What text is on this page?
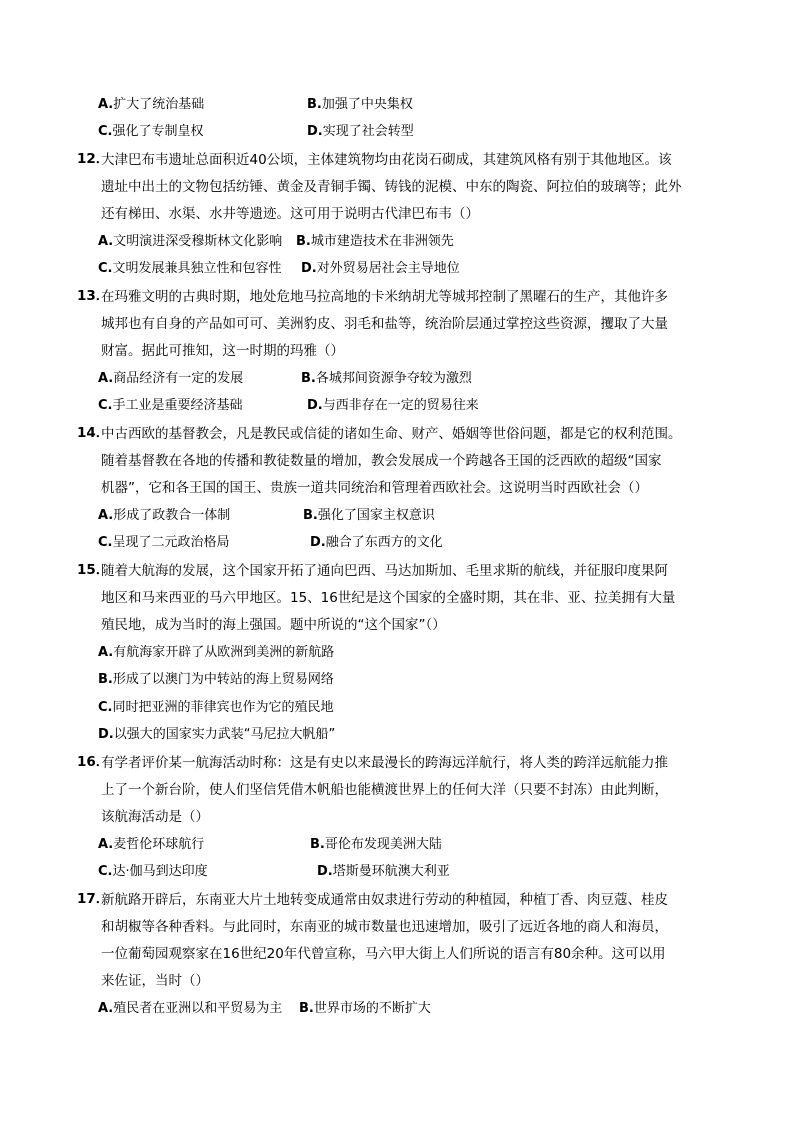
A.扩大了统治基础	B.加强了中央集权
C.强化了专制皇权	D.实现了社会转型
12．
大津巴布韦遗址总面积近40公顷，主体建筑物均由花岗石砌成，其建筑风格有别于其他地区。该
遗址中出土的文物包括纺锤、黄金及青铜手镯、铸钱的泥模、中东的陶瓷、阿拉伯的玻璃等；此外
还有梯田、水渠、水井等遗迹。这可用于说明古代津巴布韦（）
A.文明演进深受穆斯林文化影响 B.城市建造技术在非洲领先
C.文明发展兼具独立性和包容性 D.对外贸易居社会主导地位
13．
在玛雅文明的古典时期，地处危地马拉高地的卡米纳胡尤等城邦控制了黑曜石的生产，其他许多
城邦也有自身的产品如可可、美洲豹皮、羽毛和盐等，统治阶层通过掌控这些资源，攫取了大量
财富。据此可推知，这一时期的玛雅（）
A.商品经济有一定的发展	B.各城邦间资源争夺较为激烈
C.手工业是重要经济基础	D.与西非存在一定的贸易往来
14．
中古西欧的基督教会，凡是教民或信徒的诸如生命、财产、婚姻等世俗问题，都是它的权利范围。
随着基督教在各地的传播和教徒数量的增加，教会发展成一个跨越各王国的泛西欧的超级“国家
机器”，它和各王国的国王、贵族一道共同统治和管理着西欧社会。这说明当时西欧社会（）
A.形成了政教合一体制	B.强化了国家主权意识
C.呈现了二元政治格局	D.融合了东西方的文化
15．
随着大航海的发展，这个国家开拓了通向巴西、马达加斯加、毛里求斯的航线，并征服印度果阿
地区和马来西亚的马六甲地区。15、16世纪是这个国家的全盛时期，其在非、亚、拉美拥有大量
殖民地，成为当时的海上强国。题中所说的“这个国家”（）
A.有航海家开辟了从欧洲到美洲的新航路
B.形成了以澳门为中转站的海上贸易网络
C.同时把亚洲的菲律宾也作为它的殖民地
D.以强大的国家实力武装“马尼拉大帆船”
16．
有学者评价某一航海活动时称：这是有史以来最漫长的跨海远洋航行，将人类的跨洋远航能力推
上了一个新台阶，使人们坚信凭借木帆船也能横渡世界上的任何大洋（只要不封冻）由此判断，
该航海活动是（）
A.麦哲伦环球航行	B.哥伦布发现美洲大陆
C.达·伽马到达印度	D.塔斯曼环航澳大利亚
17．
新航路开辟后，东南亚大片土地转变成通常由奴隶进行劳动的种植园，种植丁香、肉豆蔻、桂皮
和胡椒等各种香料。与此同时，东南亚的城市数量也迅速增加，吸引了远近各地的商人和海员，
一位葡萄园观察家在16世纪20年代曾宣称，马六甲大街上人们所说的语言有80余种。这可以用
来佐证，当时（）
A.殖民者在亚洲以和平贸易为主 B.世界市场的不断扩大
